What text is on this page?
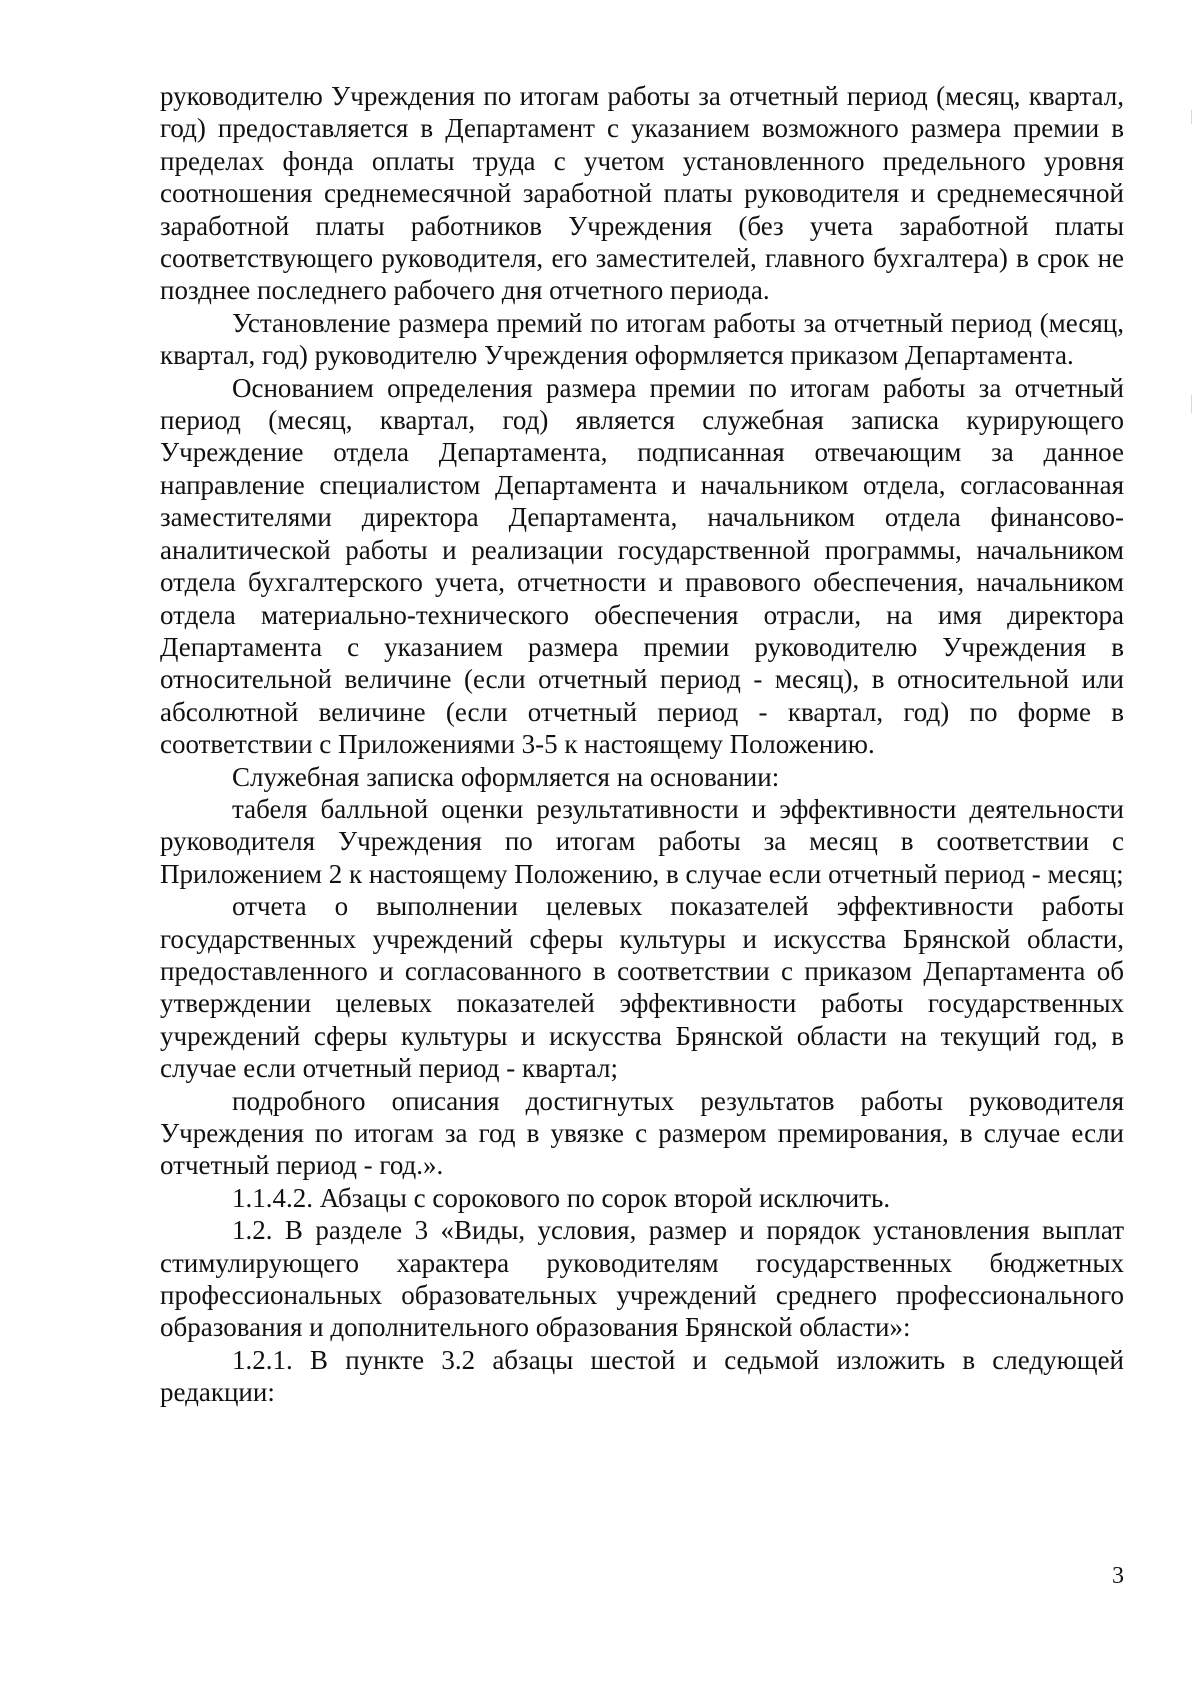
руководителю Учреждения по итогам работы за отчетный период (месяц, квартал, год) предоставляется в Департамент с указанием возможного размера премии в пределах фонда оплаты труда с учетом установленного предельного уровня соотношения среднемесячной заработной платы руководителя и среднемесячной заработной платы работников Учреждения (без учета заработной платы соответствующего руководителя, его заместителей, главного бухгалтера) в срок не позднее последнего рабочего дня отчетного периода.

Установление размера премий по итогам работы за отчетный период (месяц, квартал, год) руководителю Учреждения оформляется приказом Департамента.

Основанием определения размера премии по итогам работы за отчетный период (месяц, квартал, год) является служебная записка курирующего Учреждение отдела Департамента, подписанная отвечающим за данное направление специалистом Департамента и начальником отдела, согласованная заместителями директора Департамента, начальником отдела финансово-аналитической работы и реализации государственной программы, начальником отдела бухгалтерского учета, отчетности и правового обеспечения, начальником отдела материально-технического обеспечения отрасли, на имя директора Департамента с указанием размера премии руководителю Учреждения в относительной величине (если отчетный период - месяц), в относительной или абсолютной величине (если отчетный период - квартал, год) по форме в соответствии с Приложениями 3-5 к настоящему Положению.

Служебная записка оформляется на основании:

табеля балльной оценки результативности и эффективности деятельности руководителя Учреждения по итогам работы за месяц в соответствии с Приложением 2 к настоящему Положению, в случае если отчетный период - месяц;

отчета о выполнении целевых показателей эффективности работы государственных учреждений сферы культуры и искусства Брянской области, предоставленного и согласованного в соответствии с приказом Департамента об утверждении целевых показателей эффективности работы государственных учреждений сферы культуры и искусства Брянской области на текущий год, в случае если отчетный период - квартал;

подробного описания достигнутых результатов работы руководителя Учреждения по итогам за год в увязке с размером премирования, в случае если отчетный период - год.».

1.1.4.2. Абзацы с сорокового по сорок второй исключить.

1.2. В разделе 3 «Виды, условия, размер и порядок установления выплат стимулирующего характера руководителям государственных бюджетных профессиональных образовательных учреждений среднего профессионального образования и дополнительного образования Брянской области»:

1.2.1. В пункте 3.2 абзацы шестой и седьмой изложить в следующей редакции:

3
